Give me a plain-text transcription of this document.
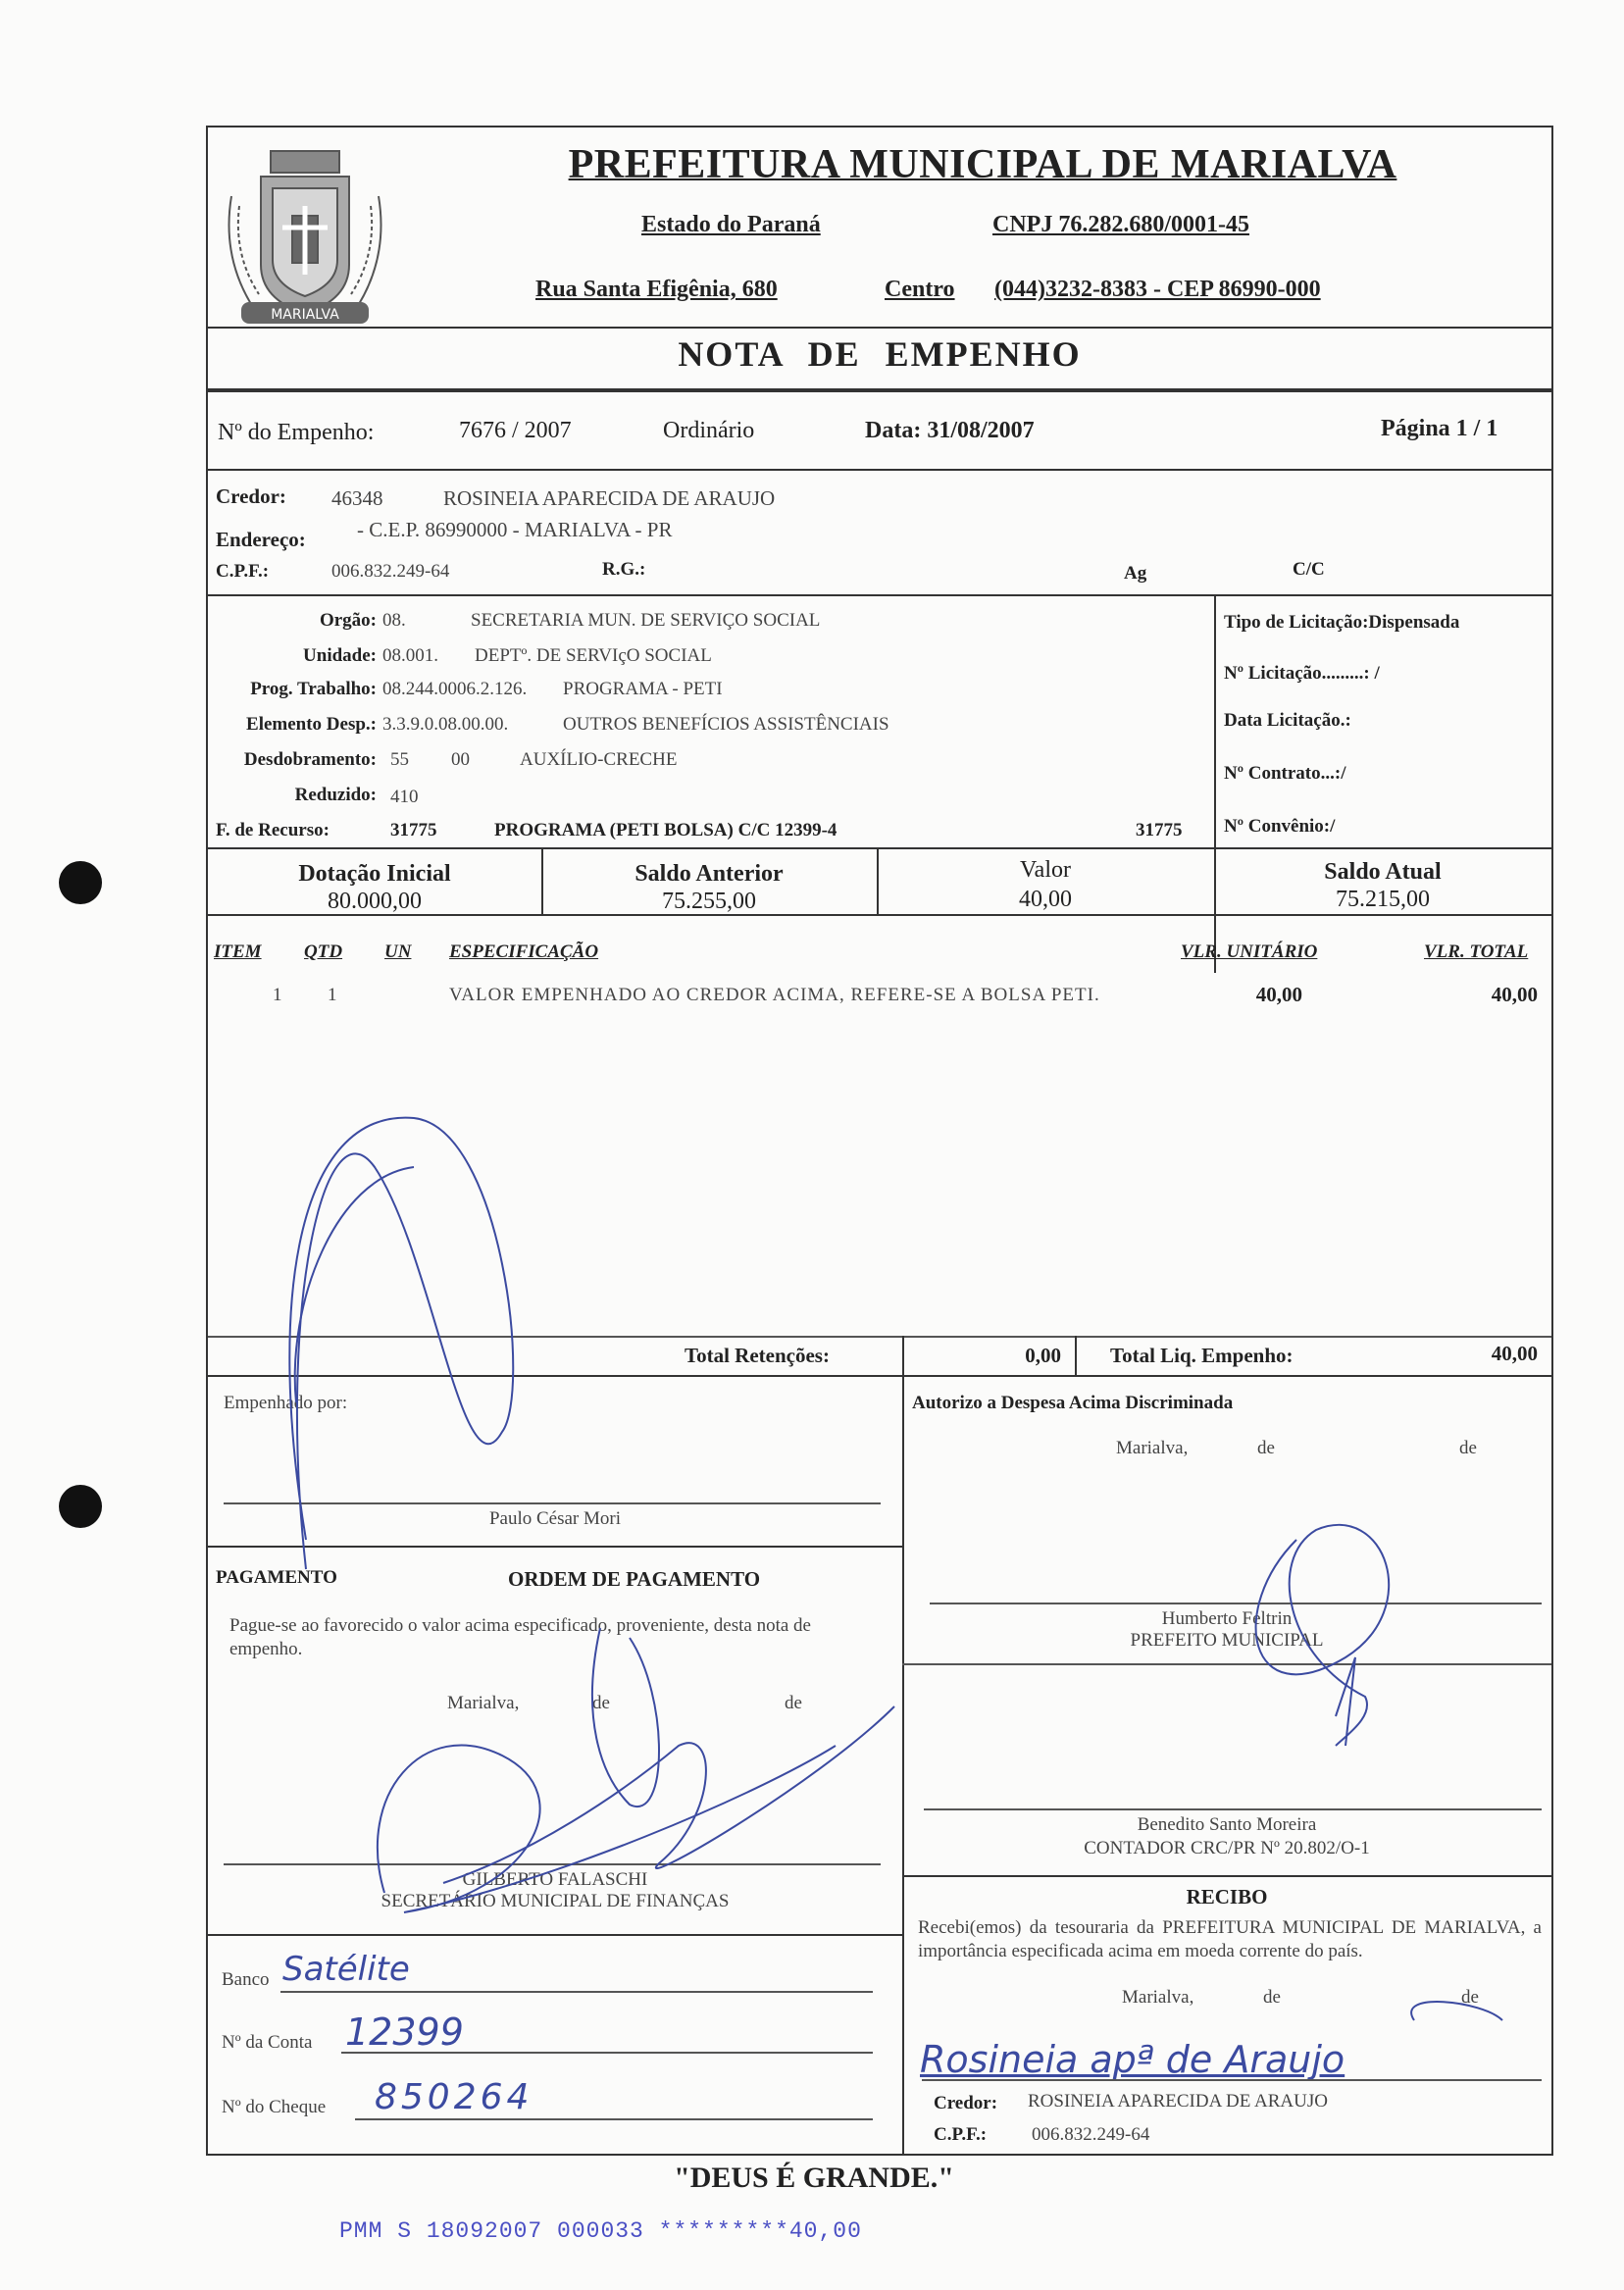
MARIALVA
PREFEITURA MUNICIPAL DE MARIALVA
Estado do Paraná	CNPJ 76.282.680/0001-45
Rua Santa Efigênia, 680	Centro (044)3232-8383 - CEP 86990-000
NOTA DE EMPENHO
Nº do Empenho:	7676 / 2007	Ordinário	Data: 31/08/2007	Página 1 / 1
Credor: 46348	ROSINEIA APARECIDA DE ARAUJO
Endereço: - C.E.P. 86990000 - MARIALVA - PR
C.P.F.:	006.832.249-64	R.G.:	Ag	C/C
Orgão: 08.	SECRETARIA MUN. DE SERVIÇO SOCIAL
Unidade: 08.001. DEPTº. DE SERVIçO SOCIAL
Prog. Trabalho: 08.244.0006.2.126. PROGRAMA - PETI
Elemento Desp.: 3.3.9.0.08.00.00.	OUTROS BENEFÍCIOS ASSISTÊNCIAIS
Desdobramento: 55 00	AUXÍLIO-CRECHE
Reduzido: 410
F. de Recurso:	31775	PROGRAMA (PETI BOLSA) C/C 12399-4	31775
Tipo de Licitação:Dispensada
Nº Licitação.........: /
Data Licitação.:
Nº Contrato...:/
Nº Convênio:/
Dotação Inicial
80.000,00
Saldo Anterior
75.255,00
Valor
40,00
Saldo Atual
75.215,00
ITEM QTD UN ESPECIFICAÇÃO	VLR. UNITÁRIO	VLR. TOTAL
1 1	VALOR EMPENHADO AO CREDOR ACIMA, REFERE-SE A BOLSA PETI.	40,00	40,00
Total Retenções:	0,00 Total Liq. Empenho:	40,00
Empenhado por:
Paulo César Mori
PAGAMENTO	ORDEM DE PAGAMENTO
Pague-se ao favorecido o valor acima especificado, proveniente, desta nota de empenho.
Marialva,	de	de
GILBERTO FALASCHI
SECRETÁRIO MUNICIPAL DE FINANÇAS
Banco Satélite
Nº da Conta 12399
Nº do Cheque 850264
Autorizo a Despesa Acima Discriminada
Marialva,	de	de
Humberto Feltrin
PREFEITO MUNICIPAL
Benedito Santo Moreira
CONTADOR CRC/PR Nº 20.802/O-1
RECIBO
Recebi(emos) da tesouraria da PREFEITURA MUNICIPAL DE MARIALVA, a importância especificada acima em moeda corrente do país.
Marialva,	de	de
Rosineia apª de Araujo
Credor: ROSINEIA APARECIDA DE ARAUJO
C.P.F.: 006.832.249-64
"DEUS É GRANDE."
PMM S 18092007 000033 *********40,00
